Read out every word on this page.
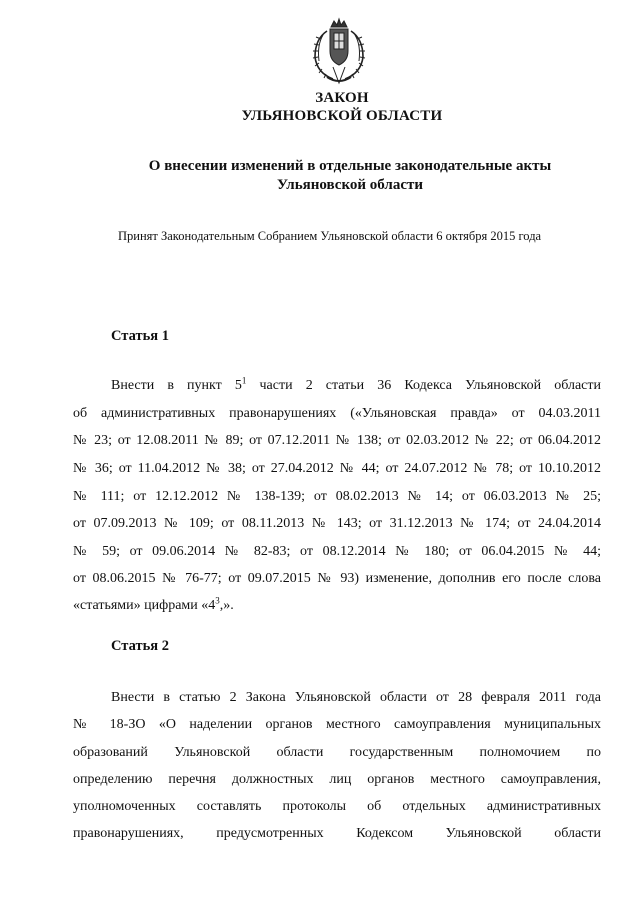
ЗАКОН
УЛЬЯНОВСКОЙ ОБЛАСТИ
О внесении изменений в отдельные законодательные акты
Ульяновской области
Принят Законодательным Собранием Ульяновской области 6 октября 2015 года
Статья 1
Внести в пункт $5^1$ части 2 статьи 36 Кодекса Ульяновской области
об административных правонарушениях («Ульяновская правда» от 04.03.2011
№ 23; от 12.08.2011 № 89; от 07.12.2011 № 138; от 02.03.2012 № 22; от 06.04.2012
№ 36; от 11.04.2012 № 38; от 27.04.2012 № 44; от 24.07.2012 № 78; от 10.10.2012
№ 111; от 12.12.2012 № 138-139; от 08.02.2013 № 14; от 06.03.2013 № 25;
от 07.09.2013 № 109; от 08.11.2013 № 143; от 31.12.2013 № 174; от 24.04.2014
№ 59; от 09.06.2014 № 82-83; от 08.12.2014 № 180; от 06.04.2015 № 44;
от 08.06.2015 № 76-77; от 09.07.2015 № 93) изменение, дополнив его после слова
«статьями» цифрами «$4^3$,».
Статья 2
Внести в статью 2 Закона Ульяновской области от 28 февраля 2011 года
№ 18-ЗО «О наделении органов местного самоуправления муниципальных
образований Ульяновской области государственным полномочием по
определению перечня должностных лиц органов местного самоуправления,
уполномоченных составлять протоколы об отдельных административных
правонарушениях, предусмотренных Кодексом Ульяновской области
